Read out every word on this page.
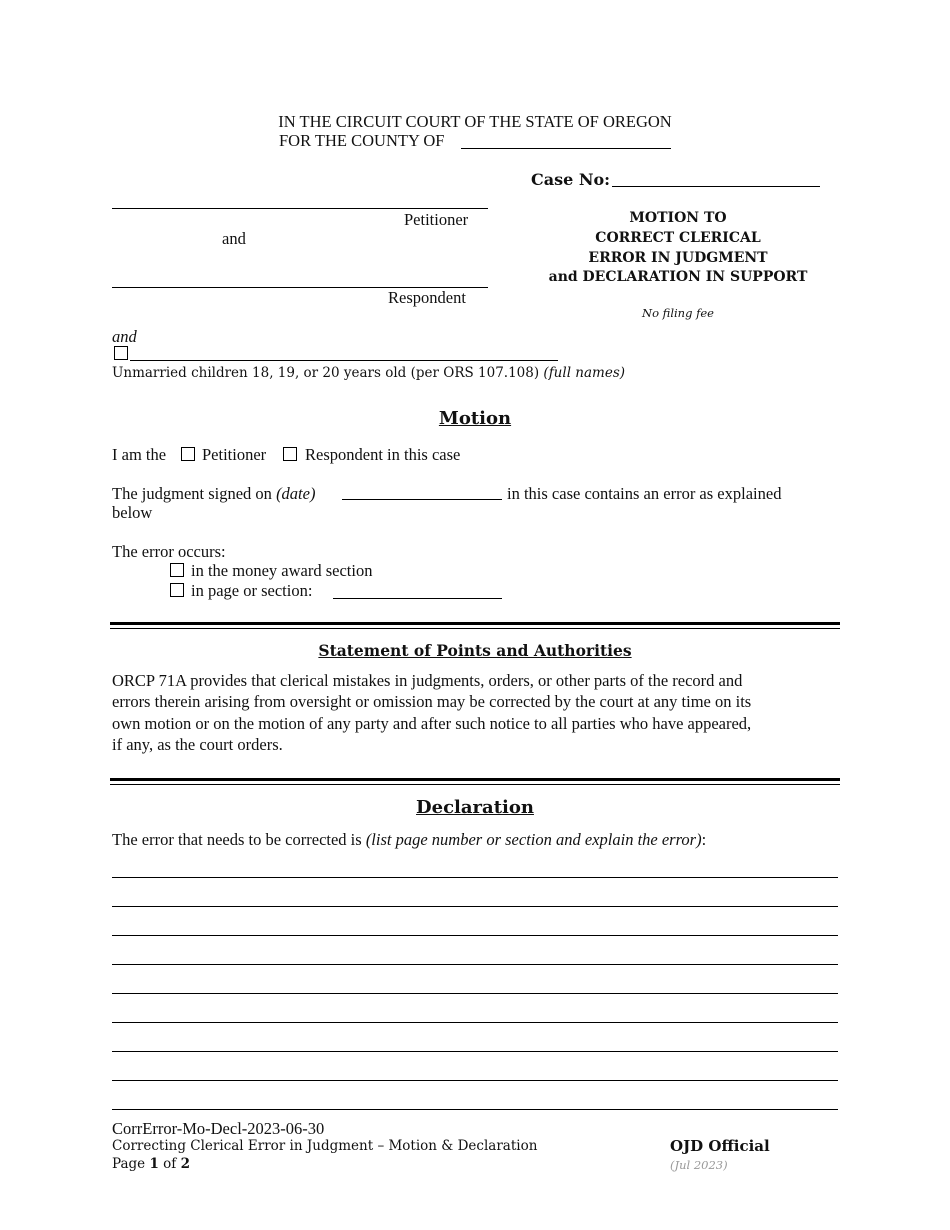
IN THE CIRCUIT COURT OF THE STATE OF OREGON
FOR THE COUNTY OF
Case No:
Petitioner
and
Respondent
and
Unmarried children 18, 19, or 20 years old (per ORS 107.108) (full names)
MOTION TO
CORRECT CLERICAL
ERROR IN JUDGMENT
and DECLARATION IN SUPPORT
No filing fee
Motion
I am the Petitioner Respondent in this case
The judgment signed on (date)	in this case contains an error as explained
below
The error occurs:
in the money award section
in page or section:
Statement of Points and Authorities
ORCP 71A provides that clerical mistakes in judgments, orders, or other parts of the record and
errors therein arising from oversight or omission may be corrected by the court at any time on its
own motion or on the motion of any party and after such notice to all parties who have appeared,
if any, as the court orders.
Declaration
The error that needs to be corrected is (list page number or section and explain the error):
CorrError-Mo-Decl-2023-06-30
Correcting Clerical Error in Judgment – Motion & Declaration
Page 1 of 2
OJD Official
(Jul 2023)
